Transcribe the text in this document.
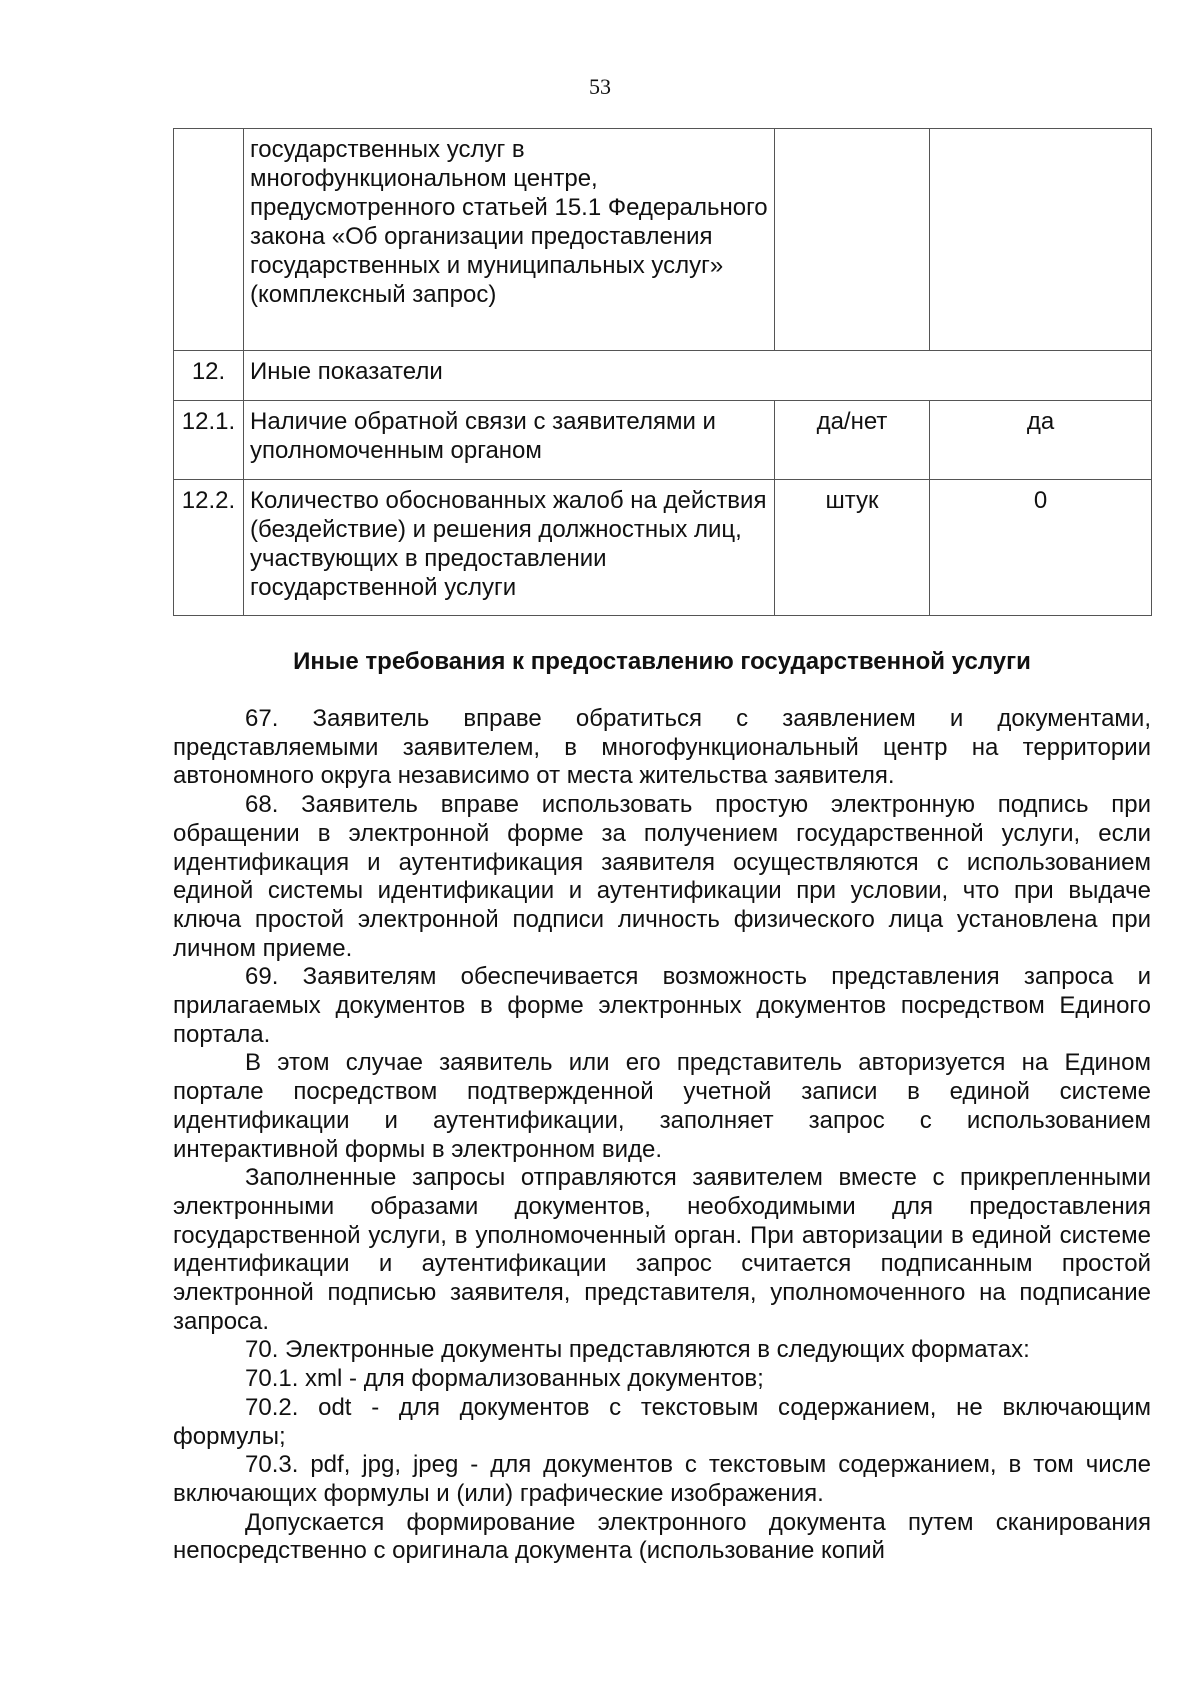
53
	государственных услуг в многофункциональном центре, предусмотренного статьей 15.1 Федерального закона «Об организации предоставления государственных и муниципальных услуг» (комплексный запрос)		
12.	Иные показатели		
12.1.	Наличие обратной связи с заявителями и уполномоченным органом	да/нет	да
12.2.	Количество обоснованных жалоб на действия (бездействие) и решения должностных лиц, участвующих в предоставлении государственной услуги	штук	0
Иные требования к предоставлению государственной услуги

67. Заявитель вправе обратиться с заявлением и документами, представляемыми заявителем, в многофункциональный центр на территории автономного округа независимо от места жительства заявителя.

68. Заявитель вправе использовать простую электронную подпись при обращении в электронной форме за получением государственной услуги, если идентификация и аутентификация заявителя осуществляются с использованием единой системы идентификации и аутентификации при условии, что при выдаче ключа простой электронной подписи личность физического лица установлена при личном приеме.

69. Заявителям обеспечивается возможность представления запроса и прилагаемых документов в форме электронных документов посредством Единого портала.

В этом случае заявитель или его представитель авторизуется на Едином портале посредством подтвержденной учетной записи в единой системе идентификации и аутентификации, заполняет запрос с использованием интерактивной формы в электронном виде.

Заполненные запросы отправляются заявителем вместе с прикрепленными электронными образами документов, необходимыми для предоставления государственной услуги, в уполномоченный орган. При авторизации в единой системе идентификации и аутентификации запрос считается подписанным простой электронной подписью заявителя, представителя, уполномоченного на подписание запроса.

70. Электронные документы представляются в следующих форматах:

70.1. xml - для формализованных документов;

70.2. odt - для документов с текстовым содержанием, не включающим формулы;

70.3. pdf, jpg, jpeg - для документов с текстовым содержанием, в том числе включающих формулы и (или) графические изображения.

Допускается формирование электронного документа путем сканирования непосредственно с оригинала документа (использование копий
